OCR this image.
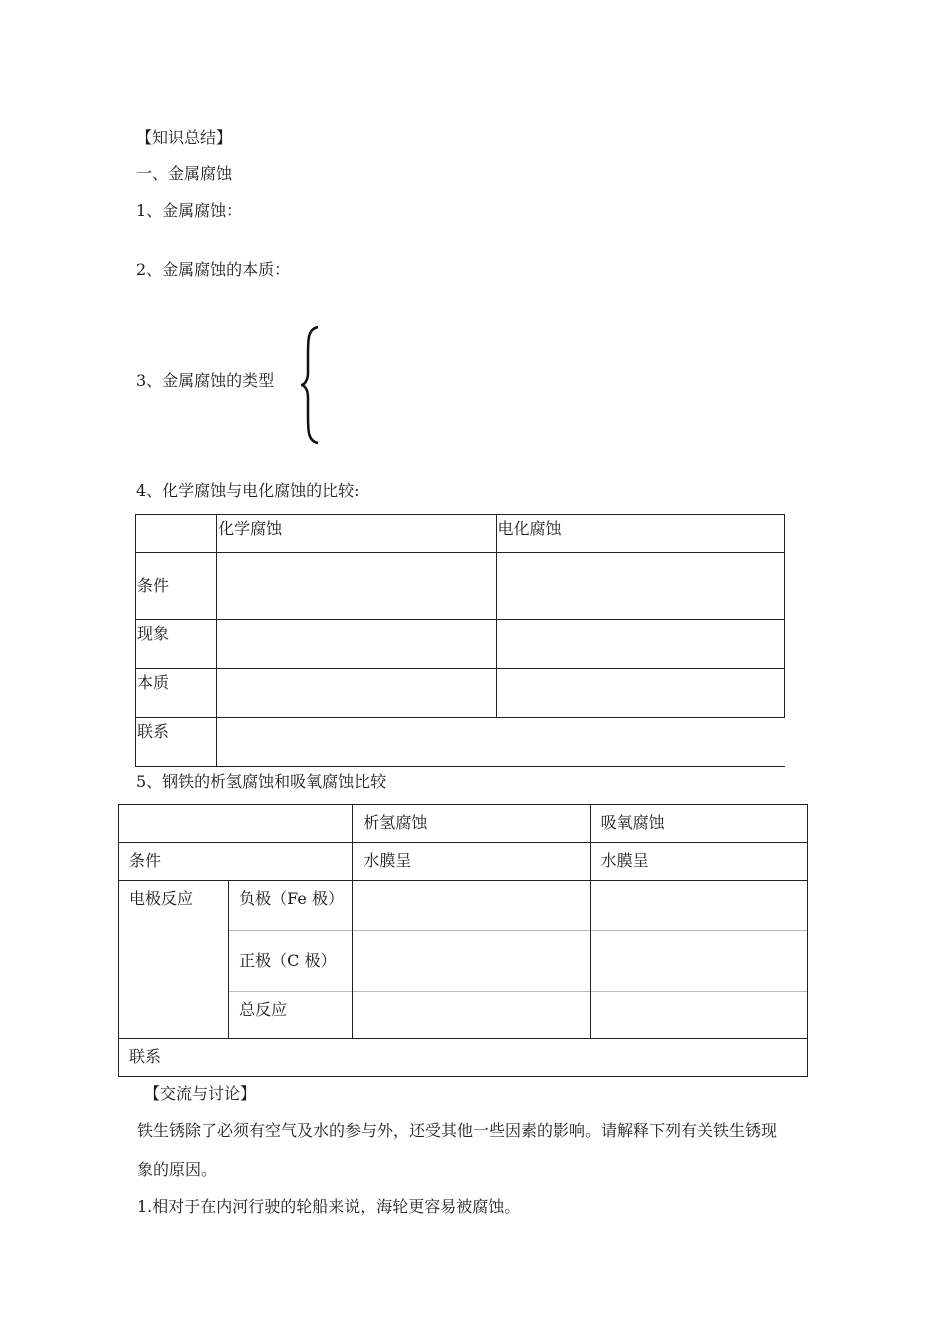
【知识总结】
一、金属腐蚀
1、金属腐蚀：
2、金属腐蚀的本质：
3、金属腐蚀的类型
4、化学腐蚀与电化腐蚀的比较:
	化学腐蚀	电化腐蚀
条件		
现象		
本质		
联系		
5、钢铁的析氢腐蚀和吸氧腐蚀比较
		析氢腐蚀	吸氧腐蚀
条件		水膜呈	水膜呈
电极反应	负极（Fe 极）		
	正极（C 极）		
	总反应		
联系			
【交流与讨论】
铁生锈除了必须有空气及水的参与外，还受其他一些因素的影响。请解释下列有关铁生锈现
象的原因。
1.相对于在内河行驶的轮船来说，海轮更容易被腐蚀。
